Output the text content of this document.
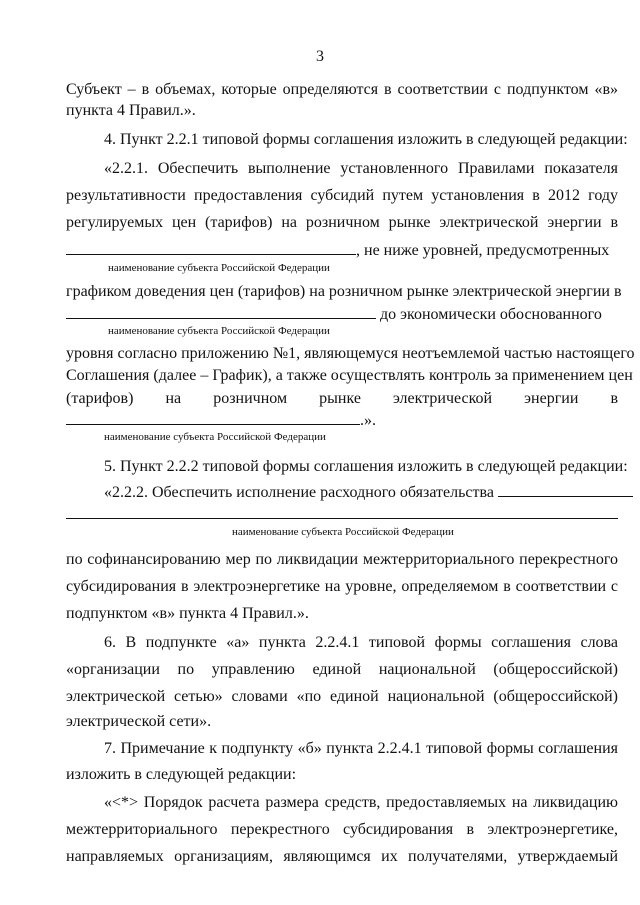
3
Субъект – в объемах, которые определяются в соответствии с подпунктом «в»
пункта 4 Правил.».
4. Пункт 2.2.1 типовой формы соглашения изложить в следующей редакции:
«2.2.1. Обеспечить выполнение установленного Правилами показателя
результативности предоставления субсидий путем установления в 2012 году
регулируемых цен (тарифов) на розничном рынке электрической энергии в
, не ниже уровней, предусмотренных
наименование субъекта Российской Федерации
графиком доведения цен (тарифов) на розничном рынке электрической энергии в
до экономически обоснованного
наименование субъекта Российской Федерации
уровня согласно приложению №1, являющемуся неотъемлемой частью настоящего
Соглашения (далее – График), а также осуществлять контроль за применением цен
(тарифов) на розничном рынке электрической энергии в
.».
наименование субъекта Российской Федерации
5. Пункт 2.2.2 типовой формы соглашения изложить в следующей редакции:
«2.2.2. Обеспечить исполнение расходного обязательства
наименование субъекта Российской Федерации
по софинансированию мер по ликвидации межтерриториального перекрестного
субсидирования в электроэнергетике на уровне, определяемом в соответствии с
подпунктом «в» пункта 4 Правил.».
6. В подпункте «а» пункта 2.2.4.1 типовой формы соглашения слова
«организации по управлению единой национальной (общероссийской)
электрической сетью» словами «по единой национальной (общероссийской)
электрической сети».
7. Примечание к подпункту «б» пункта 2.2.4.1 типовой формы соглашения
изложить в следующей редакции:
«<*> Порядок расчета размера средств, предоставляемых на ликвидацию
межтерриториального перекрестного субсидирования в электроэнергетике,
направляемых организациям, являющимся их получателями, утверждаемый
